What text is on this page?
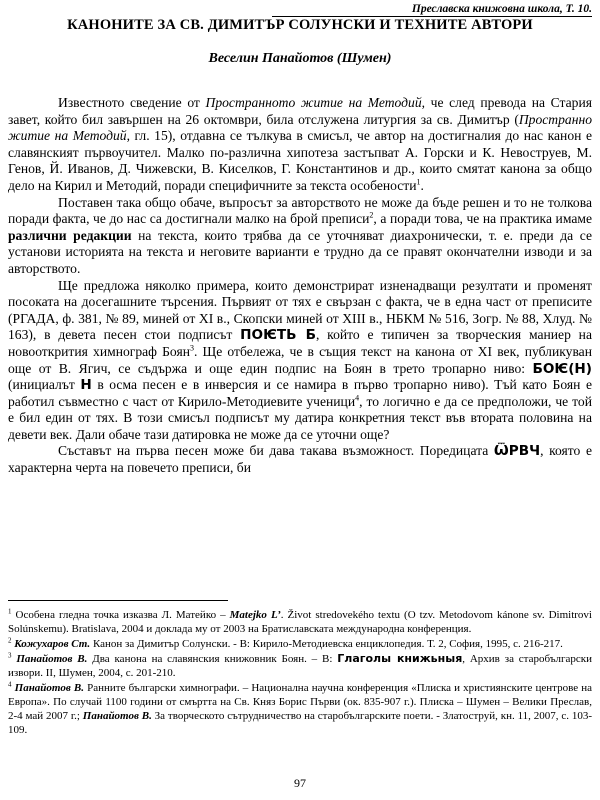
Преславска книжовна школа, Т. 10.
КАНОНИТЕ ЗА СВ. ДИМИТЪР СОЛУНСКИ И ТЕХНИТЕ АВТОРИ
Веселин Панайотов (Шумен)

Известното сведение от Пространното житие на Методий, че след превода на Стария завет, който бил завършен на 26 октомври, била отслужена литургия за св. Димитър (Пространно житие на Методий, гл. 15), отдавна се тълкува в смисъл, че автор на достигналия до нас канон е славянският първоучител. Малко по-различна хипотеза застъпват А. Горски и К. Невоструев, М. Генов, Й. Иванов, Д. Чижевски, В. Киселков, Г. Константинов и др., които смятат канона за общо дело на Кирил и Методий, поради специфичните за текста особености$^1$.

Поставен така общо обаче, въпросът за авторството не може да бъде решен и то не толкова поради факта, че до нас са достигнали малко на брой преписи$^2$, а поради това, че на практика имаме различни редакции на текста, които трябва да се уточняват диахронически, т. е. преди да се установи историята на текста и неговите варианти е трудно да се правят окончателни изводи и за авторството.

Ще предложа няколко примера, които демонстрират изненадващи резултати и променят посоката на досегашните търсения. Първият от тях е свързан с факта, че в една част от преписите (РГАДА, ф. 381, № 89, миней от XI в., Скопски миней от XIII в., НБКМ № 516, Зогр. № 88, Хлуд. № 163), в девета песен стои подписът ПОѤТЬ Б, който е типичен за творческия маниер на новооткрития химнограф Боян$^3$. Ще отбележа, че в същия текст на канона от XI век, публикуван още от В. Ягич, се съдържа и още един подпис на Боян в трето тропарно ниво: БОѤ(Н) (инициалът Н в осма песен е в инверсия и се намира в първо тропарно ниво). Тъй като Боян е работил съвместно с част от Кирило-Методиевите ученици$^4$, то логично е да се предположи, че той е бил един от тях. В този смисъл подписът му датира конкретния текст във втората половина на девети век. Дали обаче тази датировка не може да се уточни още?

Съставът на първа песен може би дава такава възможност. Поредицата ѾРВЧ, която е характерна черта на повечето преписи, би

$^1$ Особена гледна точка изказва Л. Матейко – Matejko L’. Život stredovekého textu (O tzv. Metodovom kánone sv. Dimitrovi Solúnskemu). Bratislava, 2004 и доклада му от 2003 на Братиславската международна конференция.

$^2$ Кожухаров Ст. Канон за Димитър Солунски. - В: Кирило-Методиевска енциклопедия. Т. 2, София, 1995, с. 216-217.

$^3$ Панайотов В. Два канона на славянския книжовник Боян. – В: Глаголы книжьныя, Архив за старобългарски извори. II, Шумен, 2004, с. 201-210.

$^4$ Панайотов В. Ранните български химнографи. – Национална научна конференция «Плиска и християнските центрове на Европа». По случай 1100 години от смъртта на Св. Княз Борис Първи (ок. 835-907 г.). Плиска – Шумен – Велики Преслав, 2-4 май 2007 г.; Панайотов В. За творческото сътрудничество на старобългарските поети. - Златоструй, кн. 11, 2007, с. 103-109.

97
